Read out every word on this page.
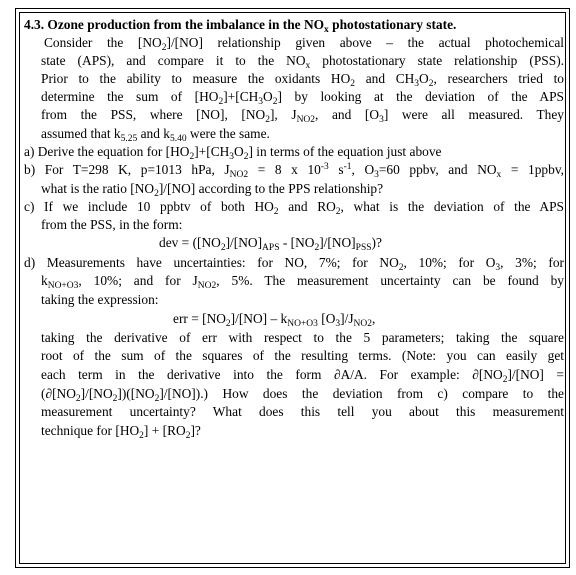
4.3. Ozone production from the imbalance in the $NO_x$ photostationary state.
Consider the $[NO_2]/[NO]$ relationship given above – the actual photochemical
state (APS), and compare it to the $NO_x$ photostationary state relationship (PSS).
Prior to the ability to measure the oxidants $HO_2$ and $CH_3O_2$, researchers tried to
determine the sum of $[HO_2]+[CH_3O_2]$ by looking at the deviation of the APS
from the PSS, where [NO], $[NO_2]$, $J_{NO2}$, and $[O_3]$ were all measured. They
assumed that $k_{5.25}$ and $k_{5.40}$ were the same.
a) Derive the equation for $[HO_2]+[CH_3O_2]$ in terms of the equation just above
b) For T=298 K, p=1013 hPa, $J_{NO2} = 8$ x $10^{-3}$ $s^{-1}$, $O_3=60$ ppbv, and $NO_x$ = 1ppbv,
what is the ratio $[NO_2]/[NO]$ according to the PPS relationship?
c) If we include 10 ppbtv of both $HO_2$ and $RO_2$, what is the deviation of the APS
from the PSS, in the form:
dev = $([NO_2]/[NO]_{APS} - [NO_2]/[NO]_{PSS})$?
d) Measurements have uncertainties: for NO, 7%; for $NO_2$, 10%; for $O_3$, 3%; for
$k_{NO+O3}$, 10%; and for $J_{NO2}$, 5%. The measurement uncertainty can be found by
taking the expression:
err = $[NO_2]/[NO] - k_{NO+O3}$ $[O_3]/J_{NO2}$,
taking the derivative of err with respect to the 5 parameters; taking the square
root of the sum of the squares of the resulting terms. (Note: you can easily get
each term in the derivative into the form ∂A/A. For example: $\partial[NO_2]/[NO]$ =
$(\partial[NO_2]/[NO_2])([NO_2]/[NO])$.) How does the deviation from c) compare to the
measurement uncertainty? What does this tell you about this measurement
technique for $[HO_2] + [RO_2]$?
